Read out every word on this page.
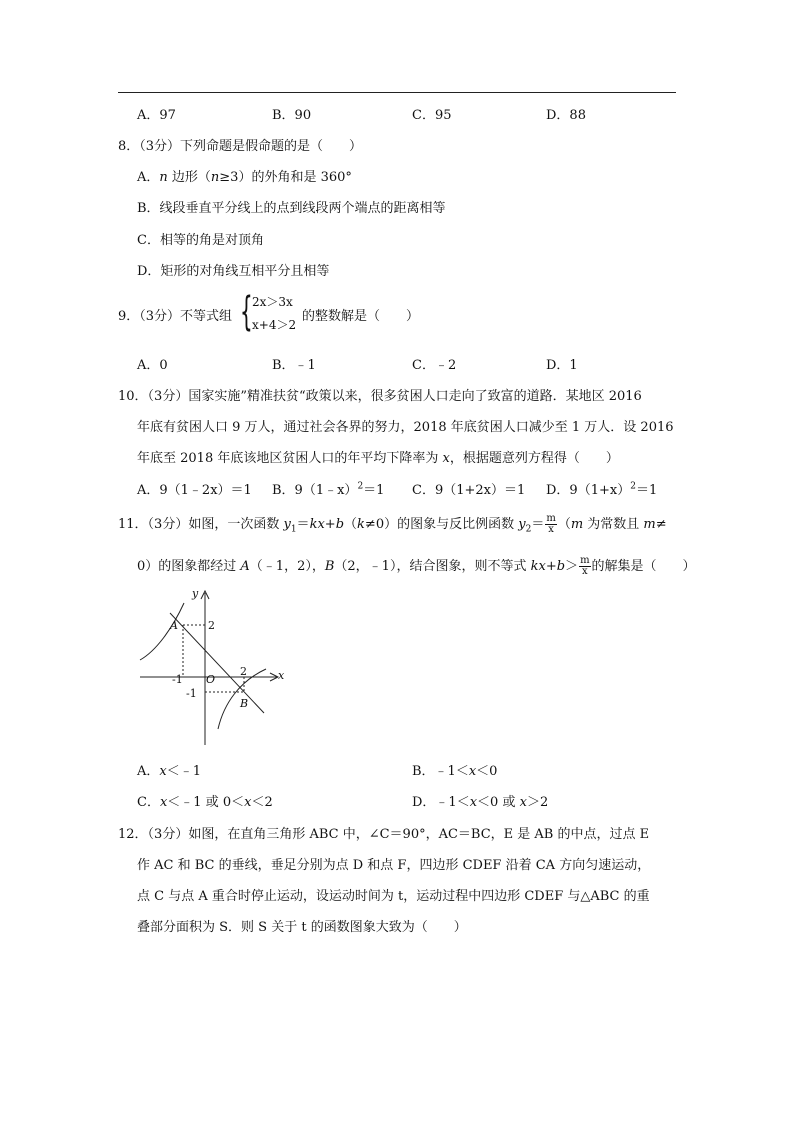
A．97	B．90	C．95	D．88
8．（3分）下列命题是假命题的是（　　）
A．n 边形（n≥3）的外角和是 360°
B．线段垂直平分线上的点到线段两个端点的距离相等
C．相等的角是对顶角
D．矩形的对角线互相平分且相等
9．（3分）不等式组 { 2x＞3x
x+4＞2
的整数解是（　　）
A．0	B．﹣1	C．﹣2	D．1
10．（3分）国家实施”精准扶贫“政策以来，很多贫困人口走向了致富的道路．某地区 2016
年底有贫困人口 9 万人，通过社会各界的努力，2018 年底贫困人口减少至 1 万人．设 2016
年底至 2018 年底该地区贫困人口的年平均下降率为 x，根据题意列方程得（　　）
A．9（1﹣2x）＝1 B．9（1﹣x）$^2$＝1 C．9（1+2x）＝1 D．$9(1+x)^2=1$
11．（3分）如图，一次函数 $y_1=kx+b(k\ne 0)$的图象与反比例函数 $y_2= \frac{m}{x} (m$ 为常数且 m≠
0）的图象都经过 A（﹣1，2），B（2，﹣1），结合图象，则不等式 $kx+b> \frac{m}{x}$ 的解集是（　　）
y
x
A
B
O
2
-1
2
-1
A．x＜﹣1	B．﹣1＜x＜0
C．x＜﹣1 或 0＜x＜2	D．﹣1＜x＜0 或 x＞2
12．（3分）如图，在直角三角形 ABC 中，∠C＝90°，AC＝BC，E 是 AB 的中点，过点 E
作 AC 和 BC 的垂线，垂足分别为点 D 和点 F，四边形 CDEF 沿着 CA 方向匀速运动，
点 C 与点 A 重合时停止运动，设运动时间为 t，运动过程中四边形 CDEF 与△ABC 的重
叠部分面积为 S．则 S 关于 t 的函数图象大致为（　　）
